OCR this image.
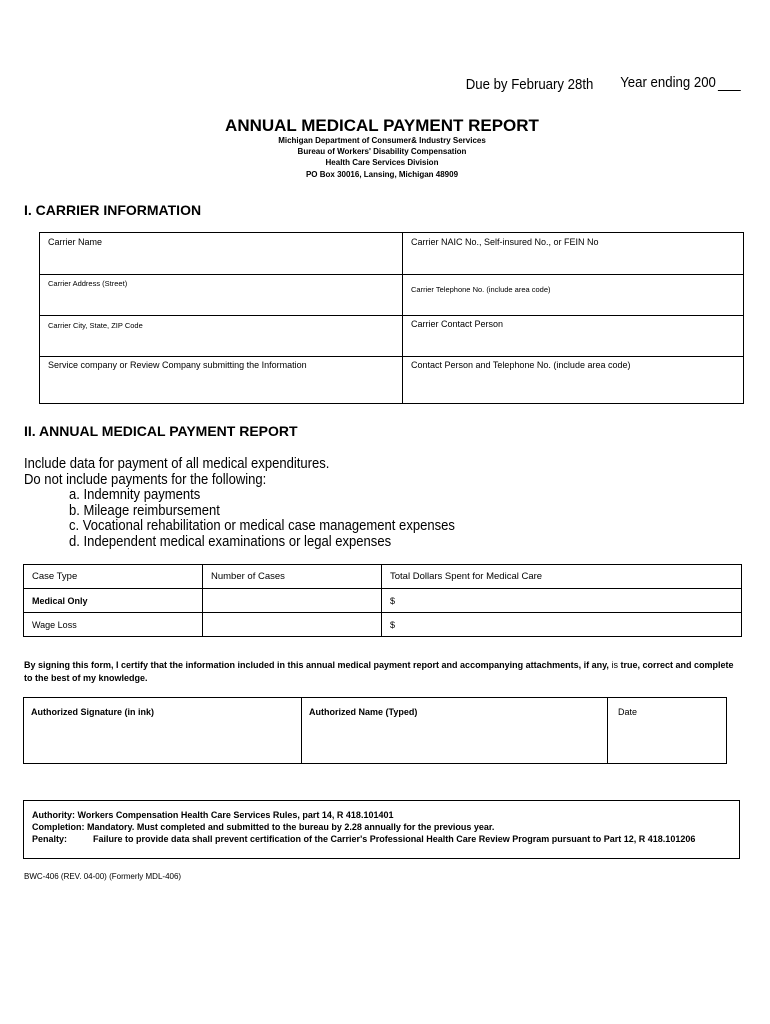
Due by February 28th Year ending 200
ANNUAL MEDICAL PAYMENT REPORT
Michigan Department of Consumer& Industry Services
Bureau of Workers' Disability Compensation
Health Care Services Division
PO Box 30016, Lansing, Michigan 48909
I. CARRIER INFORMATION
Carrier Name	Carrier NAIC No., Self-insured No., or FEIN No

Carrier Address (Street)	Carrier Telephone No. (include area code)

Carrier City, State, ZIP Code	Carrier Contact Person

Service company or Review Company submitting the Information	Contact Person and Telephone No. (include area code)
II. ANNUAL MEDICAL PAYMENT REPORT
Include data for payment of all medical expenditures.
Do not include payments for the following:
a. Indemnity payments
b. Mileage reimbursement
c. Vocational rehabilitation or medical case management expenses
d. Independent medical examinations or legal expenses
Case Type	Number of Cases	Total Dollars Spent for Medical Care

Medical Only		$

Wage Loss		$
By signing this form, I certify that the information included in this annual medical payment report and accompanying attachments, if any, is true, correct and complete to the best of my knowledge.
Authorized Signature (in ink)	Authorized Name (Typed)	Date
Authority: Workers Compensation Health Care Services Rules, part 14, R 418.101401
Completion: Mandatory. Must completed and submitted to the bureau by 2.28 annually for the previous year.
Penalty:	Failure to provide data shall prevent certification of the Carrier's Professional Health Care Review Program pursuant to Part 12, R 418.101206
BWC-406 (REV. 04-00) (Formerly MDL-406)
